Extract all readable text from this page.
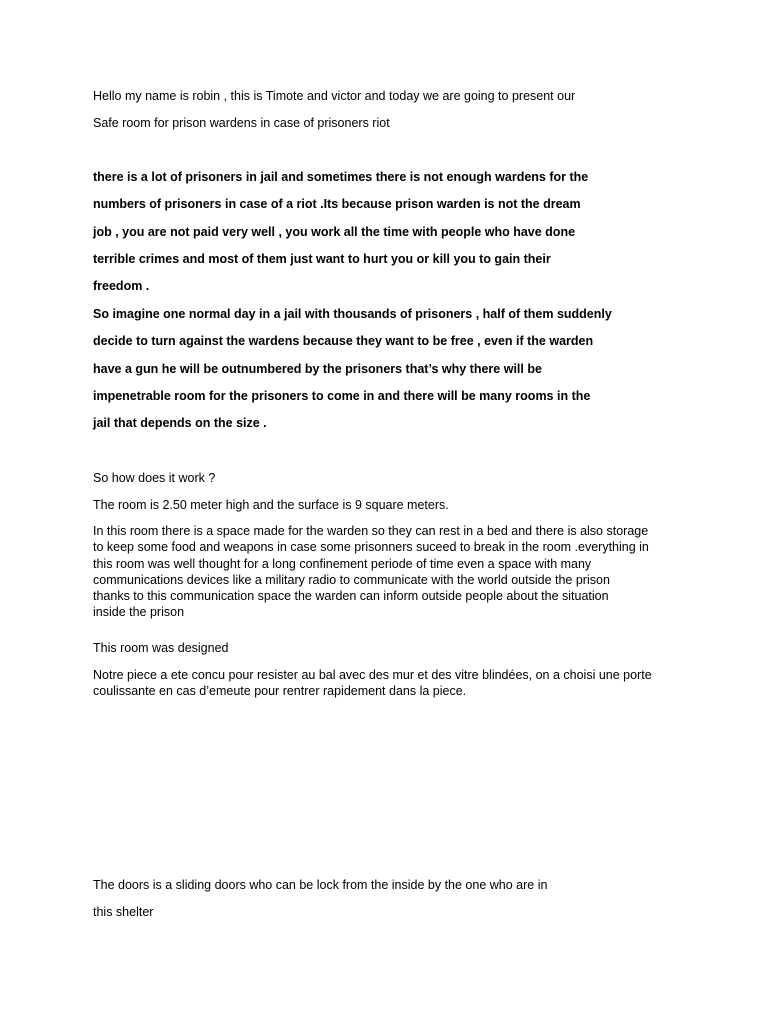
Hello my name is robin , this is Timote and victor and today we are going to present our

Safe room for prison wardens in case of prisoners riot

there is a lot of prisoners in jail and sometimes there is not enough wardens for the

numbers of prisoners in case of a riot .Its because prison warden is not the dream

job , you are not paid very well , you work all the time with people who have done

terrible crimes and most of them just want to hurt you or kill you to gain their

freedom .

So imagine one normal day in a jail with thousands of prisoners , half of them suddenly

decide to turn against the wardens because they want to be free , even if the warden

have a gun he will be outnumbered by the prisoners that’s why there will be

impenetrable room for the prisoners to come in and there will be many rooms in the

jail that depends on the size .

So how does it work ?

The room is 2.50 meter high and the surface is 9 square meters.

In this room there is a space made for the warden so they can rest in a bed and there is also storage
to keep some food and weapons in case some prisonners suceed to break in the room .everything in
this room was well thought for a long confinement periode of time even a space with many
communications devices like a military radio to communicate with the world outside the prison
thanks to this communication space the warden can inform outside people about the situation
inside the prison

This room was designed

Notre piece a ete concu pour resister au bal avec des mur et des vitre blindées, on a choisi une porte
coulissante en cas d’emeute pour rentrer rapidement dans la piece.

The doors is a sliding doors who can be lock from the inside by the one who are in

this shelter
